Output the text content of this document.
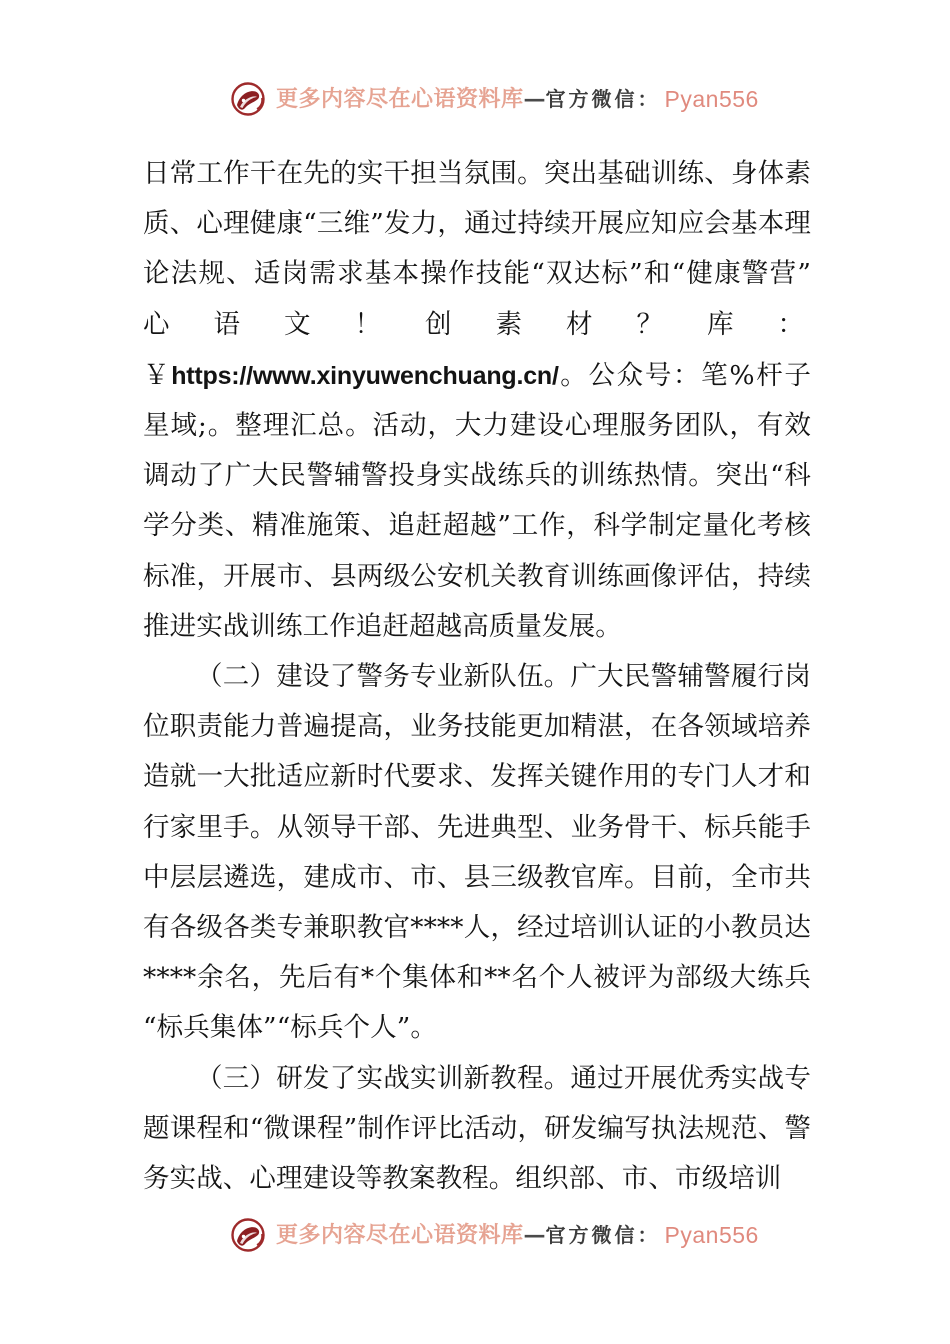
更多内容尽在心语资料库 — 官方微信： Pyan556

日常工作干在先的实干担当氛围。突出基础训练、身体素质、心理健康“三维”发力，通过持续开展应知应会基本理论法规、适岗需求基本操作技能“双达标”和“健康警营”心语文！创素材？库：￥https://www.xinyuwenchuang.cn/。公众号：笔%杆子星域;。整理汇总。活动，大力建设心理服务团队，有效调动了广大民警辅警投身实战练兵的训练热情。突出“科学分类、精准施策、追赶超越”工作，科学制定量化考核标准，开展市、县两级公安机关教育训练画像评估，持续推进实战训练工作追赶超越高质量发展。

（二）建设了警务专业新队伍。广大民警辅警履行岗位职责能力普遍提高，业务技能更加精湛，在各领域培养造就一大批适应新时代要求、发挥关键作用的专门人才和行家里手。从领导干部、先进典型、业务骨干、标兵能手中层层遴选，建成市、市、县三级教官库。目前，全市共有各级各类专兼职教官****人，经过培训认证的小教员达****余名，先后有*个集体和**名个人被评为部级大练兵“标兵集体”“标兵个人”。

（三）研发了实战实训新教程。通过开展优秀实战专题课程和“微课程”制作评比活动，研发编写执法规范、警务实战、心理建设等教案教程。组织部、市、市级培训

更多内容尽在心语资料库 — 官方微信： Pyan556
